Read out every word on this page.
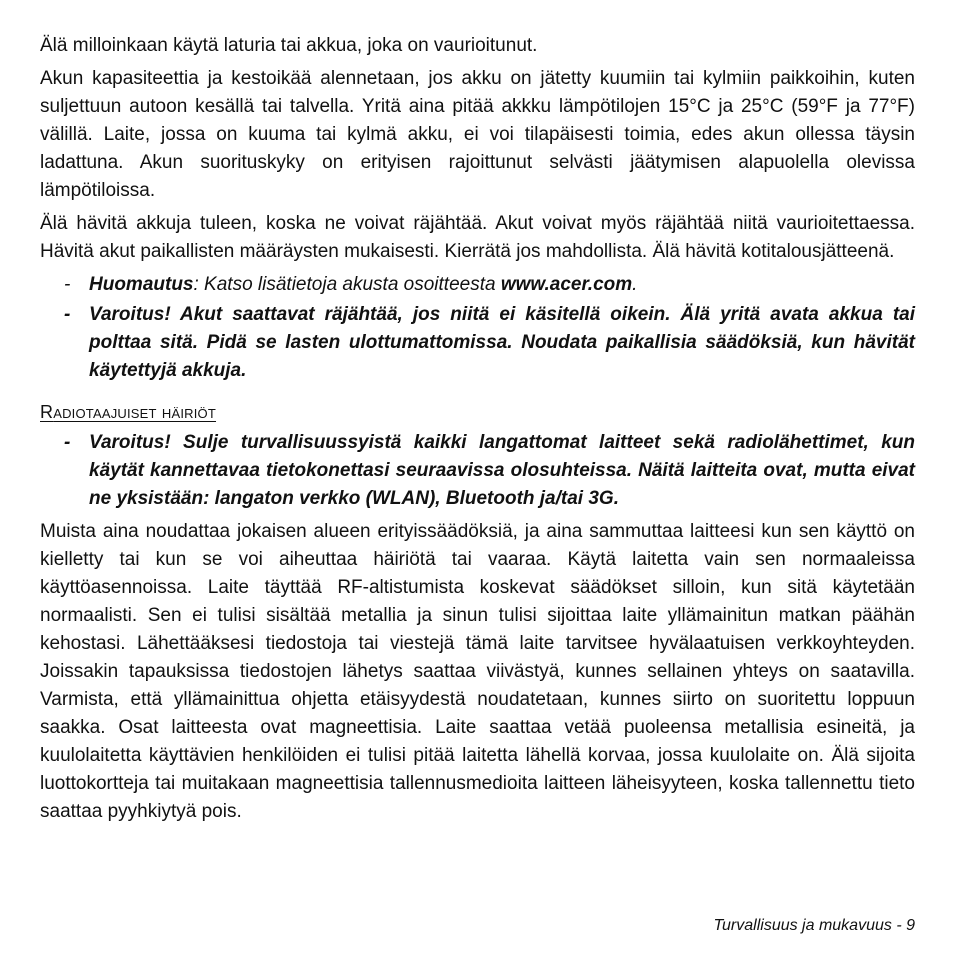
Älä milloinkaan käytä laturia tai akkua, joka on vaurioitunut.

Akun kapasiteettia ja kestoikää alennetaan, jos akku on jätetty kuumiin tai kylmiin paikkoihin, kuten suljettuun autoon kesällä tai talvella. Yritä aina pitää akkku lämpötilojen 15°C ja 25°C (59°F ja 77°F) välillä. Laite, jossa on kuuma tai kylmä akku, ei voi tilapäisesti toimia, edes akun ollessa täysin ladattuna. Akun suorituskyky on erityisen rajoittunut selvästi jäätymisen alapuolella olevissa lämpötiloissa.

Älä hävitä akkuja tuleen, koska ne voivat räjähtää. Akut voivat myös räjähtää niitä vaurioitettaessa. Hävitä akut paikallisten määräysten mukaisesti. Kierrätä jos mahdollista. Älä hävitä kotitalousjätteenä.

- Huomautus: Katso lisätietoja akusta osoitteesta www.acer.com.
- Varoitus! Akut saattavat räjähtää, jos niitä ei käsitellä oikein. Älä yritä avata akkua tai polttaa sitä. Pidä se lasten ulottumattomissa. Noudata paikallisia säädöksiä, kun hävität käytettyjä akkuja.
Radiotaajuiset häiriöt
- Varoitus! Sulje turvallisuussyistä kaikki langattomat laitteet sekä radiolähettimet, kun käytät kannettavaa tietokonettasi seuraavissa olosuhteissa. Näitä laitteita ovat, mutta eivat ne yksistään: langaton verkko (WLAN), Bluetooth ja/tai 3G.

Muista aina noudattaa jokaisen alueen erityissäädöksiä, ja aina sammuttaa laitteesi kun sen käyttö on kielletty tai kun se voi aiheuttaa häiriötä tai vaaraa. Käytä laitetta vain sen normaaleissa käyttöasennoissa. Laite täyttää RF-altistumista koskevat säädökset silloin, kun sitä käytetään normaalisti. Sen ei tulisi sisältää metallia ja sinun tulisi sijoittaa laite yllämainitun matkan päähän kehostasi. Lähettääksesi tiedostoja tai viestejä tämä laite tarvitsee hyvälaatuisen verkkoyhteyden. Joissakin tapauksissa tiedostojen lähetys saattaa viivästyä, kunnes sellainen yhteys on saatavilla. Varmista, että yllämainittua ohjetta etäisyydestä noudatetaan, kunnes siirto on suoritettu loppuun saakka. Osat laitteesta ovat magneettisia. Laite saattaa vetää puoleensa metallisia esineitä, ja kuulolaitetta käyttävien henkilöiden ei tulisi pitää laitetta lähellä korvaa, jossa kuulolaite on. Älä sijoita luottokortteja tai muitakaan magneettisia tallennusmedioita laitteen läheisyyteen, koska tallennettu tieto saattaa pyyhkiytyä pois.

Turvallisuus ja mukavuus - 9
